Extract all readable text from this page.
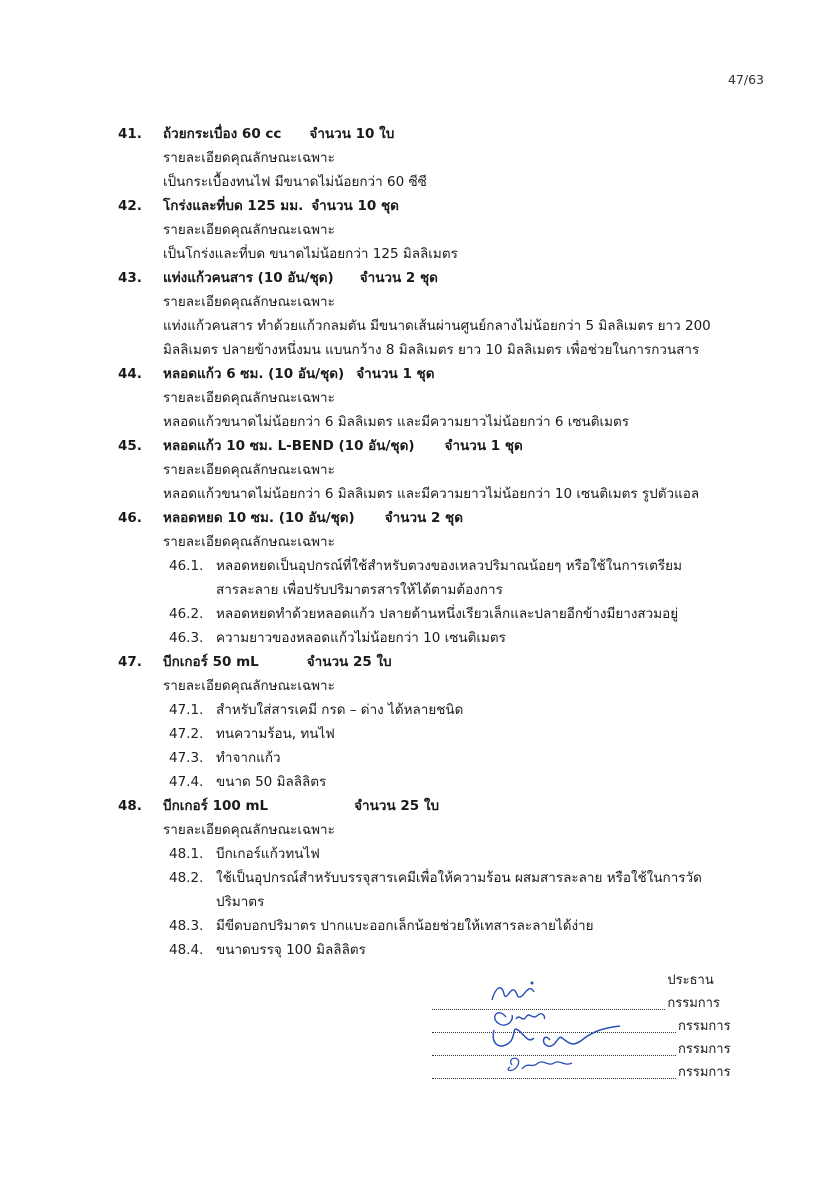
47/63
41.	ถ้วยกระเบื่อง 60 cc จำนวน 10 ใบ
รายละเอียดคุณลักษณะเฉพาะ
เป็นกระเบื้องทนไฟ มีขนาดไม่น้อยกว่า 60 ซีซี
42.	โกร่งและที่บด 125 มม. จำนวน 10 ชุด
รายละเอียดคุณลักษณะเฉพาะ
เป็นโกร่งและที่บด ขนาดไม่น้อยกว่า 125 มิลลิเมตร
43.	แท่งแก้วคนสาร (10 อัน/ชุด) จำนวน 2 ชุด
รายละเอียดคุณลักษณะเฉพาะ
แท่งแก้วคนสาร ทำด้วยแก้วกลมตัน มีขนาดเส้นผ่านศูนย์กลางไม่น้อยกว่า 5 มิลลิเมตร ยาว 200 มิลลิเมตร ปลายข้างหนึ่งมน แบนกว้าง 8 มิลลิเมตร ยาว 10 มิลลิเมตร เพื่อช่วยในการกวนสาร
44.	หลอดแก้ว 6 ซม. (10 อัน/ชุด) จำนวน 1 ชุด
รายละเอียดคุณลักษณะเฉพาะ
หลอดแก้วขนาดไม่น้อยกว่า 6 มิลลิเมตร และมีความยาวไม่น้อยกว่า 6 เซนติเมตร
45.	หลอดแก้ว 10 ซม. L-BEND (10 อัน/ชุด) จำนวน 1 ชุด
รายละเอียดคุณลักษณะเฉพาะ
หลอดแก้วขนาดไม่น้อยกว่า 6 มิลลิเมตร และมีความยาวไม่น้อยกว่า 10 เซนติเมตร รูปตัวแอล
46.	หลอดหยด 10 ซม. (10 อัน/ชุด) จำนวน 2 ชุด
รายละเอียดคุณลักษณะเฉพาะ
46.1. หลอดหยดเป็นอุปกรณ์ที่ใช้สำหรับตวงของเหลวปริมาณน้อยๆ หรือใช้ในการเตรียม สารละลาย เพื่อปรับปริมาตรสารให้ได้ตามต้องการ
46.2. หลอดหยดทำด้วยหลอดแก้ว ปลายด้านหนึ่งเรียวเล็กและปลายอีกข้างมียางสวมอยู่
46.3. ความยาวของหลอดแก้วไม่น้อยกว่า 10 เซนติเมตร
47.	บีกเกอร์ 50 mL	จำนวน 25 ใบ
รายละเอียดคุณลักษณะเฉพาะ
47.1. สำหรับใส่สารเคมี กรด – ด่าง ได้หลายชนิด
47.2. ทนความร้อน, ทนไฟ
47.3. ทำจากแก้ว
47.4. ขนาด 50 มิลลิลิตร
48.	บีกเกอร์ 100 mL	จำนวน 25 ใบ
รายละเอียดคุณลักษณะเฉพาะ
48.1. บีกเกอร์แก้วทนไฟ
48.2. ใช้เป็นอุปกรณ์สำหรับบรรจุสารเคมีเพื่อให้ความร้อน ผสมสารละลาย หรือใช้ในการวัด ปริมาตร
48.3. มีขีดบอกปริมาตร ปากแบะออกเล็กน้อยช่วยให้เทสารละลายได้ง่าย
48.4. ขนาดบรรจุ 100 มิลลิลิตร
ประธานกรรมการ
กรรมการ
กรรมการ
กรรมการ
